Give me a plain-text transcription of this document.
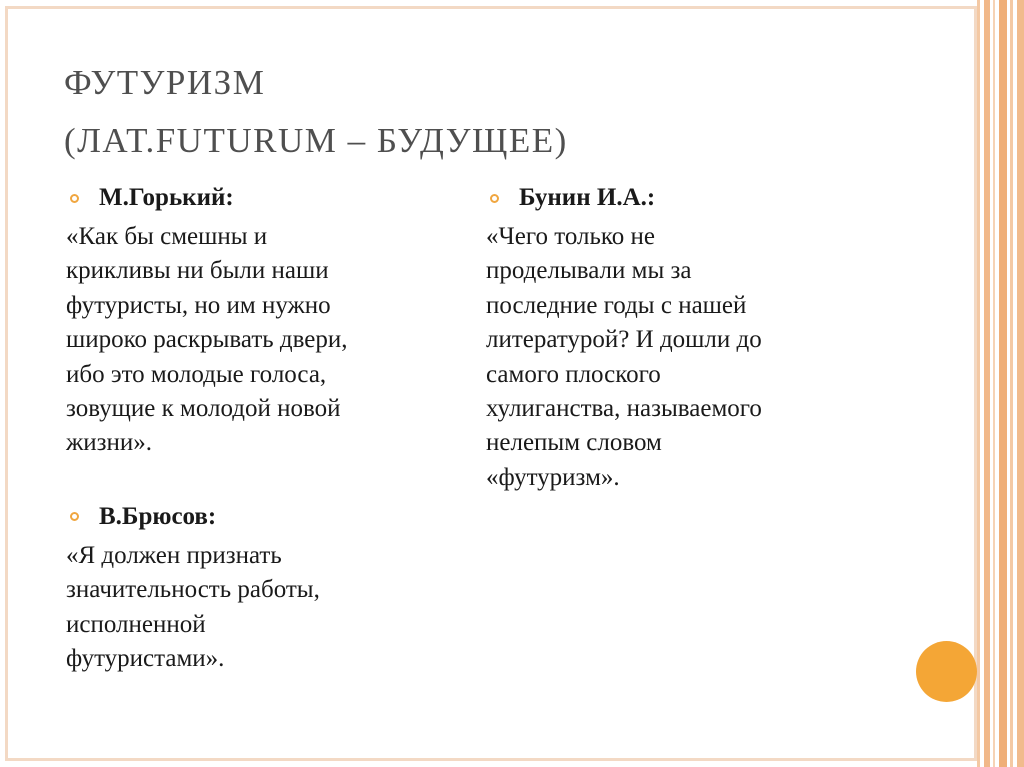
ФУТУРИЗМ
(ЛАТ.FUTURUM – БУДУЩЕЕ)
М.Горький:
«Как бы смешны и
крикливы ни были наши
футуристы, но им нужно
широко раскрывать двери,
ибо это молодые голоса,
зовущие к молодой новой
жизни».
В.Брюсов:
«Я должен признать
значительность работы,
исполненной
футуристами».
Бунин И.А.:
«Чего только не
проделывали мы за
последние годы с нашей
литературой? И дошли до
самого плоского
хулиганства, называемого
нелепым словом
«футуризм».
